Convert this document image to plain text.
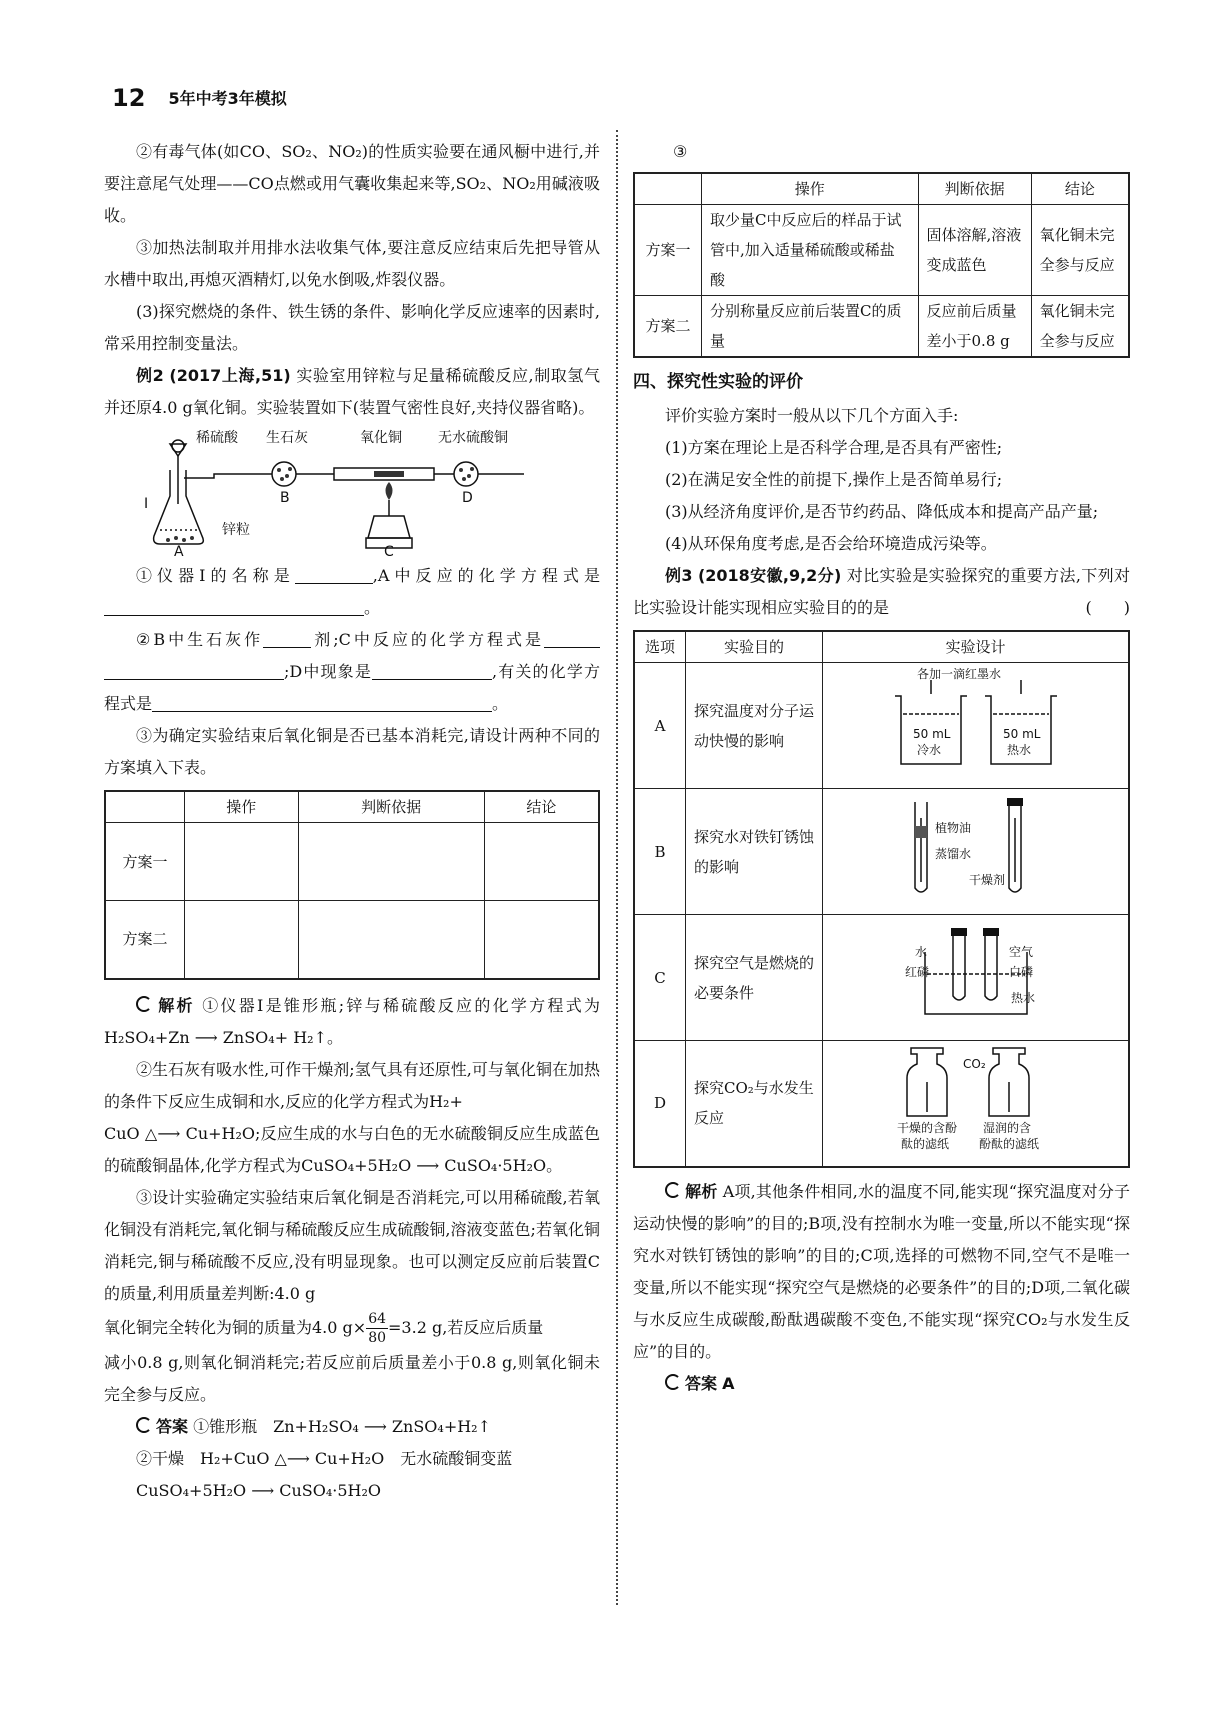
12 5年中考3年模拟

②有毒气体(如CO、SO₂、NO₂)的性质实验要在通风橱中进行,并要注意尾气处理——CO点燃或用气囊收集起来等,SO₂、NO₂用碱液吸收。

③加热法制取并用排水法收集气体,要注意反应结束后先把导管从水槽中取出,再熄灭酒精灯,以免水倒吸,炸裂仪器。

(3)探究燃烧的条件、铁生锈的条件、影响化学反应速率的因素时,常采用控制变量法。

例2 (2017上海,51) 实验室用锌粒与足量稀硫酸反应,制取氢气并还原4.0 g氧化铜。实验装置如下(装置气密性良好,夹持仪器省略)。

稀硫酸 生石灰	氧化铜	无水硫酸铜
锌粒
Ⅰ
A
B
C
D

①仪器Ⅰ的名称是	,A中反应的化学方程式是。

②B中生石灰作	剂;C中反应的化学方程式是;D中现象是	,有关的化学方程式是	。

③为确定实验结束后氧化铜是否已基本消耗完,请设计两种不同的方案填入下表。

	操作	判断依据	结论
方案一			
方案二			

解析 ①仪器Ⅰ是锥形瓶;锌与稀硫酸反应的化学方程式为H₂SO₄+Zn ⟶ ZnSO₄+ H₂↑。

②生石灰有吸水性,可作干燥剂;氢气具有还原性,可与氧化铜在加热的条件下反应生成铜和水,反应的化学方程式为H₂+
CuO △⟶ Cu+H₂O;反应生成的水与白色的无水硫酸铜反应生成蓝色的硫酸铜晶体,化学方程式为CuSO₄+5H₂O ⟶ CuSO₄·5H₂O。

③设计实验确定实验结束后氧化铜是否消耗完,可以用稀硫酸,若氧化铜没有消耗完,氧化铜与稀硫酸反应生成硫酸铜,溶液变蓝色;若氧化铜消耗完,铜与稀硫酸不反应,没有明显现象。也可以测定反应前后装置C的质量,利用质量差判断:4.0 g

氧化铜完全转化为铜的质量为4.0 $g\times \frac{64}{80} =3.2$ g,若反应后质量

减小0.8 g,则氧化铜消耗完;若反应前后质量差小于0.8 g,则氧化铜未完全参与反应。

答案 ①锥形瓶　Zn+H₂SO₄ ⟶ ZnSO₄+H₂↑

②干燥　H₂+CuO △⟶ Cu+H₂O　无水硫酸铜变蓝

CuSO₄+5H₂O ⟶ CuSO₄·5H₂O

③

	操作	判断依据	结论
方案一	取少量C中反应后的样品于试管中,加入适量稀硫酸或稀盐酸	固体溶解,溶液变成蓝色	氧化铜未完全参与反应
方案二	分别称量反应前后装置C的质量	反应前后质量差小于0.8 g	氧化铜未完全参与反应

四、探究性实验的评价

评价实验方案时一般从以下几个方面入手:

(1)方案在理论上是否科学合理,是否具有严密性;

(2)在满足安全性的前提下,操作上是否简单易行;

(3)从经济角度评价,是否节约药品、降低成本和提高产品产量;

(4)从环保角度考虑,是否会给环境造成污染等。

例3 (2018安徽,9,2分) 对比实验是实验探究的重要方法,下列对比实验设计能实现相应实验目的的是	(　　)

选项	实验目的	实验设计
A	探究温度对分子运动快慢的影响	各加一滴红墨水
50 mL
冷水
50 mL
热水

B	探究水对铁钉锈蚀的影响	植物油
蒸馏水
干燥剂

C	探究空气是燃烧的必要条件	水
红磷
空气
白磷
热水

D	探究CO₂与水发生反应	CO₂
干燥的含酚
酞的滤纸
湿润的含
酚酞的滤纸

解析 A项,其他条件相同,水的温度不同,能实现“探究温度对分子运动快慢的影响”的目的;B项,没有控制水为唯一变量,所以不能实现“探究水对铁钉锈蚀的影响”的目的;C项,选择的可燃物不同,空气不是唯一变量,所以不能实现“探究空气是燃烧的必要条件”的目的;D项,二氧化碳与水反应生成碳酸,酚酞遇碳酸不变色,不能实现“探究CO₂与水发生反应”的目的。

答案 A
